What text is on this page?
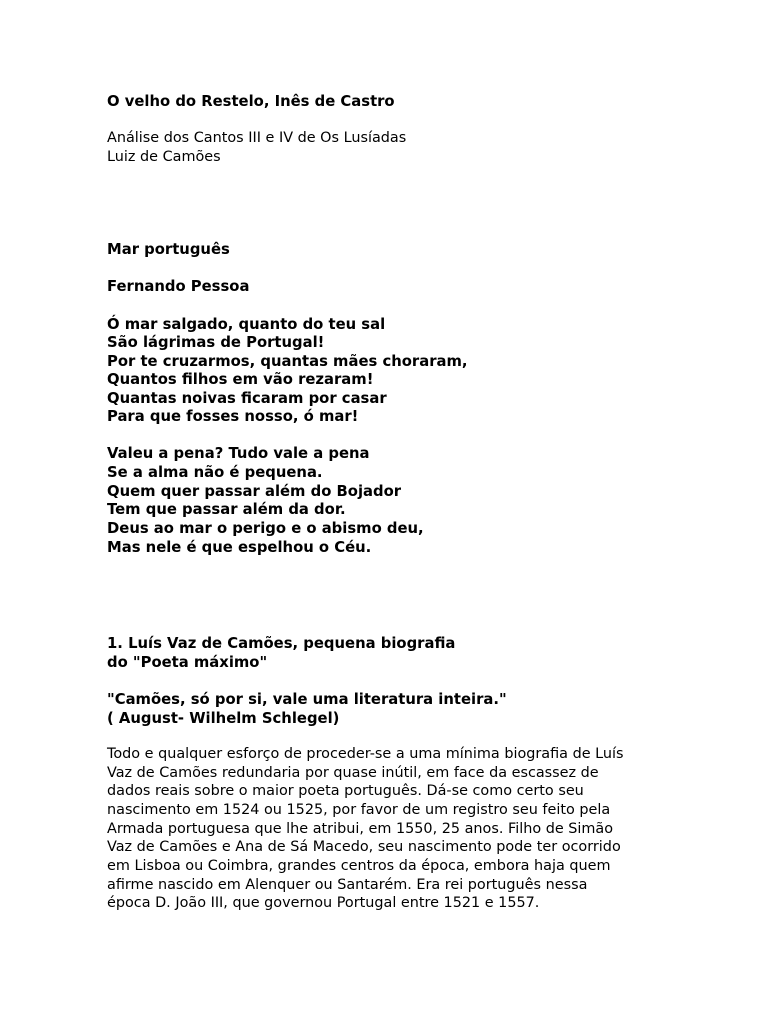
O velho do Restelo, Inês de Castro
Análise dos Cantos III e IV de Os Lusíadas
Luiz de Camões
Mar português
Fernando Pessoa
Ó mar salgado, quanto do teu sal
São lágrimas de Portugal!
Por te cruzarmos, quantas mães choraram,
Quantos filhos em vão rezaram!
Quantas noivas ficaram por casar
Para que fosses nosso, ó mar!
Valeu a pena? Tudo vale a pena
Se a alma não é pequena.
Quem quer passar além do Bojador
Tem que passar além da dor.
Deus ao mar o perigo e o abismo deu,
Mas nele é que espelhou o Céu.
1. Luís Vaz de Camões, pequena biografia
do "Poeta máximo"
"Camões, só por si, vale uma literatura inteira."
( August- Wilhelm Schlegel)
Todo e qualquer esforço de proceder-se a uma mínima biografia de Luís
Vaz de Camões redundaria por quase inútil, em face da escassez de
dados reais sobre o maior poeta português. Dá-se como certo seu
nascimento em 1524 ou 1525, por favor de um registro seu feito pela
Armada portuguesa que lhe atribui, em 1550, 25 anos. Filho de Simão
Vaz de Camões e Ana de Sá Macedo, seu nascimento pode ter ocorrido
em Lisboa ou Coimbra, grandes centros da época, embora haja quem
afirme nascido em Alenquer ou Santarém. Era rei português nessa
época D. João III, que governou Portugal entre 1521 e 1557.
